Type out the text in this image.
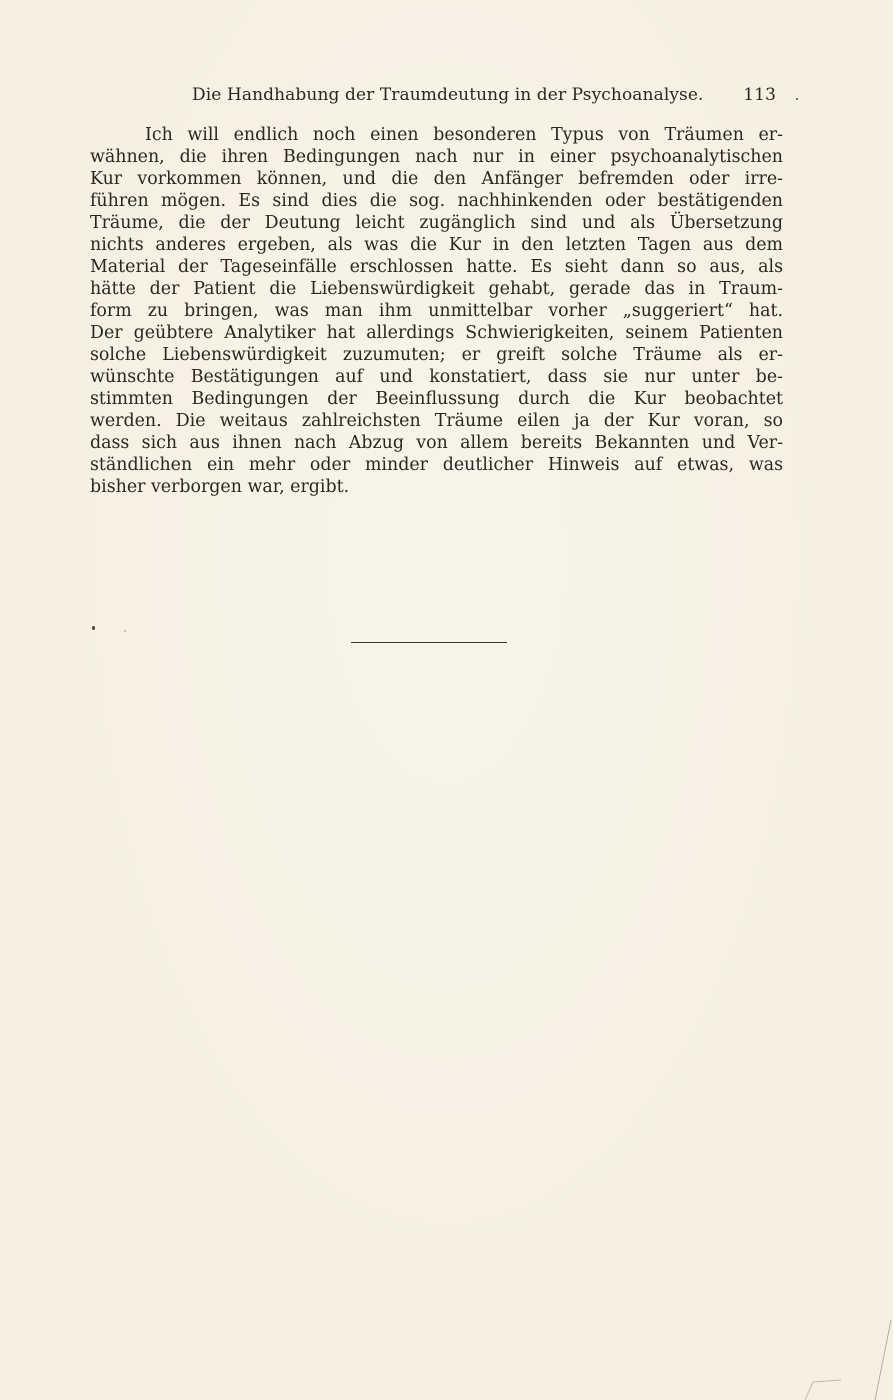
Die Handhabung der Traumdeutung in der Psychoanalyse. 113
Ich will endlich noch einen besonderen Typus von Träumen er-
wähnen, die ihren Bedingungen nach nur in einer psychoanalytischen
Kur vorkommen können, und die den Anfänger befremden oder irre-
führen mögen. Es sind dies die sog. nachhinkenden oder bestätigenden
Träume, die der Deutung leicht zugänglich sind und als Übersetzung
nichts anderes ergeben, als was die Kur in den letzten Tagen aus dem
Material der Tageseinfälle erschlossen hatte. Es sieht dann so aus, als
hätte der Patient die Liebenswürdigkeit gehabt, gerade das in Traum-
form zu bringen, was man ihm unmittelbar vorher „suggeriert“ hat.
Der geübtere Analytiker hat allerdings Schwierigkeiten, seinem Patienten
solche Liebenswürdigkeit zuzumuten; er greift solche Träume als er-
wünschte Bestätigungen auf und konstatiert, dass sie nur unter be-
stimmten Bedingungen der Beeinflussung durch die Kur beobachtet
werden. Die weitaus zahlreichsten Träume eilen ja der Kur voran, so
dass sich aus ihnen nach Abzug von allem bereits Bekannten und Ver-
ständlichen ein mehr oder minder deutlicher Hinweis auf etwas, was
bisher verborgen war, ergibt.
